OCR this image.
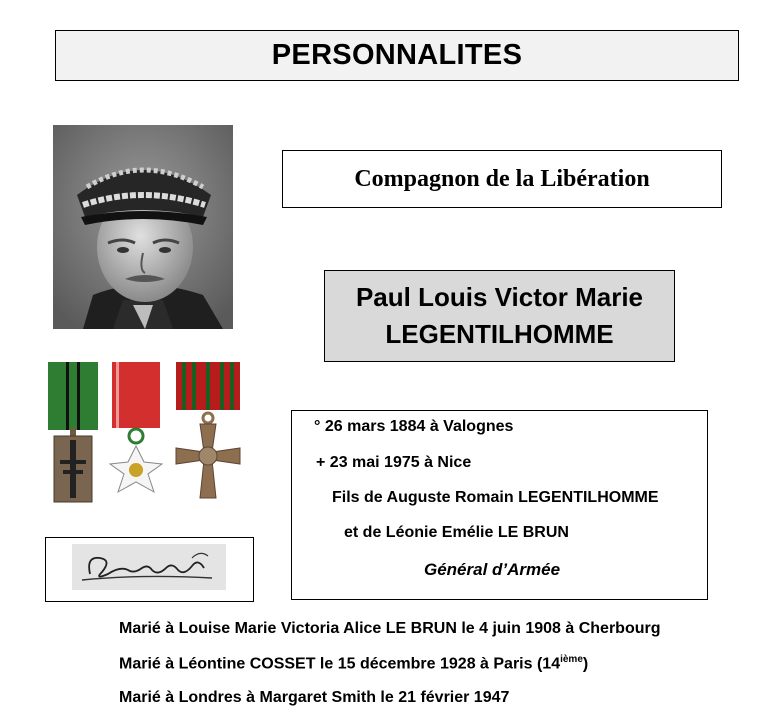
PERSONNALITES
Compagnon de la Libération
Paul Louis Victor Marie
LEGENTILHOMME
° 26 mars 1884 à Valognes
+ 23 mai 1975 à Nice
Fils de Auguste Romain LEGENTILHOMME
et de Léonie Emélie LE BRUN
Général d’Armée
Marié à Louise Marie Victoria Alice LE BRUN le 4 juin 1908 à Cherbourg
Marié à Léontine COSSET le 15 décembre 1928 à Paris (14ième)
Marié à Londres à Margaret Smith le 21 février 1947
